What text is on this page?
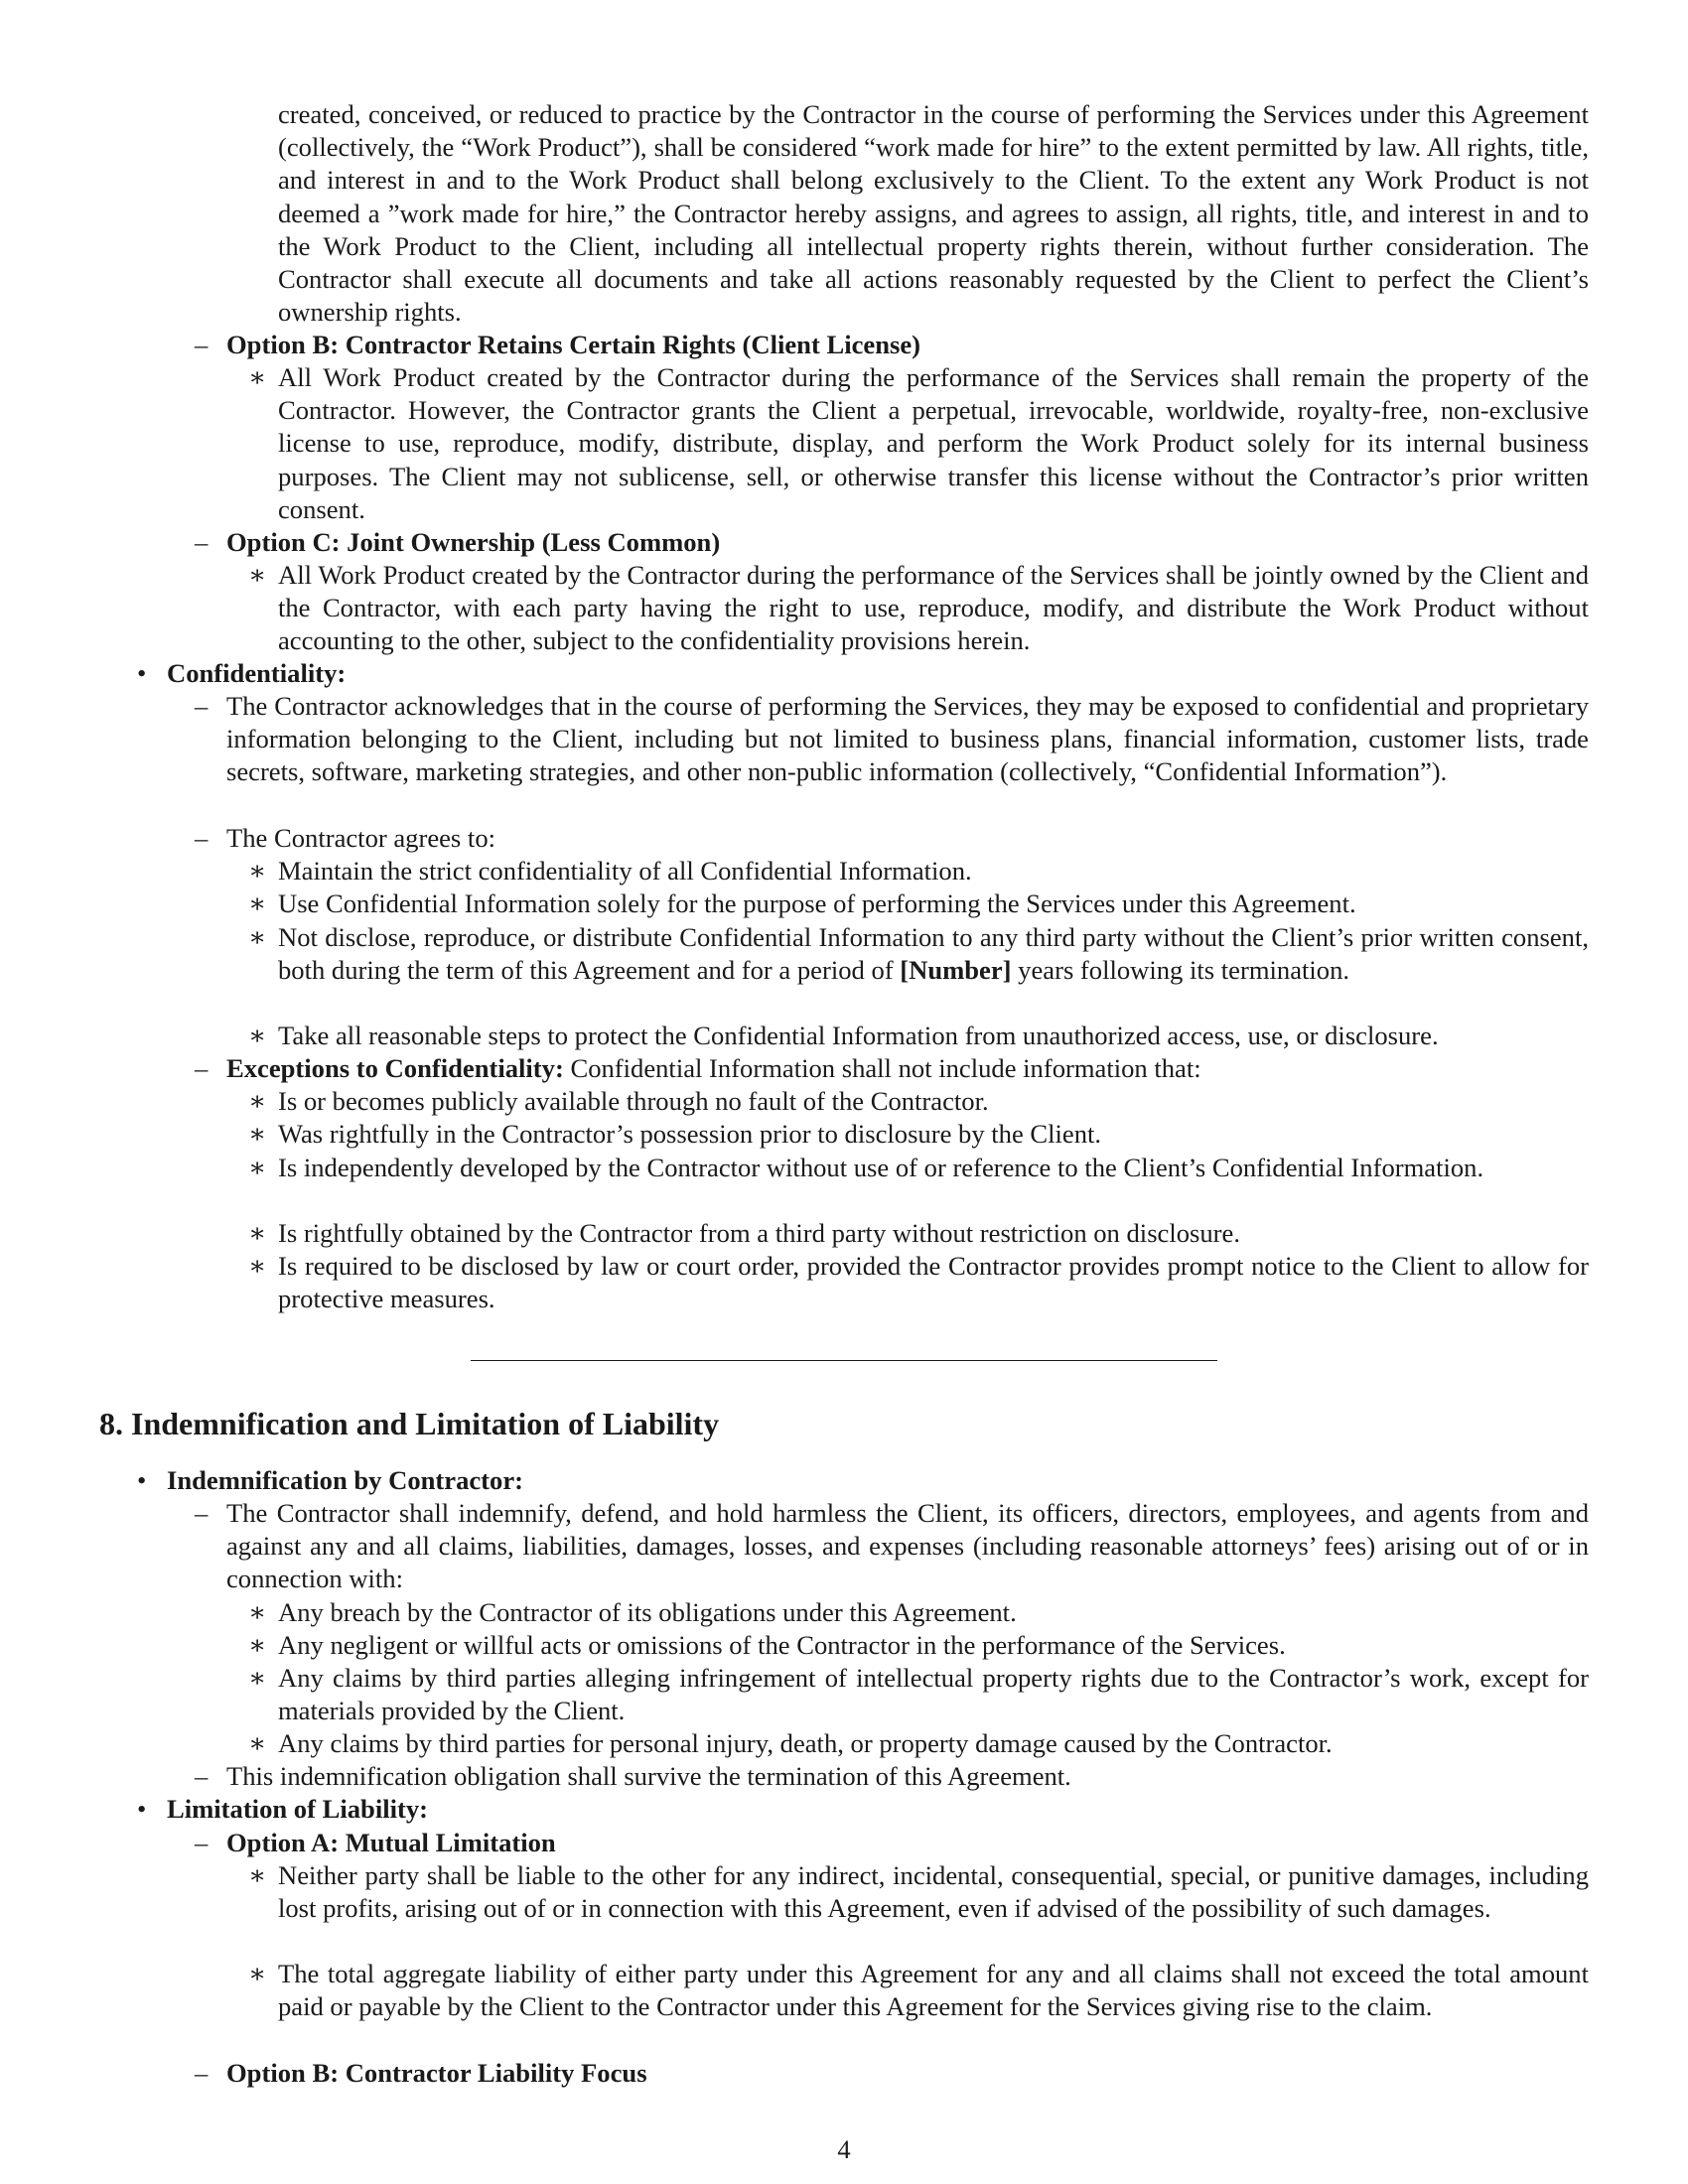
created, conceived, or reduced to practice by the Contractor in the course of performing the Services under this Agreement (collectively, the “Work Product”), shall be considered “work made for hire” to the extent permitted by law. All rights, title, and interest in and to the Work Product shall belong exclusively to the Client. To the extent any Work Product is not deemed a ”work made for hire,” the Contractor hereby assigns, and agrees to assign, all rights, title, and interest in and to the Work Product to the Client, including all intellectual property rights therein, without further consideration. The Contractor shall execute all documents and take all actions reasonably requested by the Client to perfect the Client’s ownership rights.
– Option B: Contractor Retains Certain Rights (Client License)
∗ All Work Product created by the Contractor during the performance of the Services shall remain the property of the Contractor. However, the Contractor grants the Client a perpetual, irrevocable, worldwide, royalty-free, non-exclusive license to use, reproduce, modify, distribute, display, and perform the Work Product solely for its internal business purposes. The Client may not sublicense, sell, or otherwise transfer this license without the Contractor’s prior written consent.
– Option C: Joint Ownership (Less Common)
∗ All Work Product created by the Contractor during the performance of the Services shall be jointly owned by the Client and the Contractor, with each party having the right to use, reproduce, modify, and distribute the Work Product without accounting to the other, subject to the confidentiality provisions herein.
• Confidentiality:
– The Contractor acknowledges that in the course of performing the Services, they may be exposed to confidential and proprietary information belonging to the Client, including but not limited to business plans, financial information, customer lists, trade secrets, software, marketing strategies, and other non-public information (collectively, “Confidential Information”).
– The Contractor agrees to:
∗ Maintain the strict confidentiality of all Confidential Information.
∗ Use Confidential Information solely for the purpose of performing the Services under this Agreement.
∗ Not disclose, reproduce, or distribute Confidential Information to any third party without the Client’s prior written consent, both during the term of this Agreement and for a period of [Number] years following its termination.
∗ Take all reasonable steps to protect the Confidential Information from unauthorized access, use, or disclosure.
– Exceptions to Confidentiality: Confidential Information shall not include information that:
∗ Is or becomes publicly available through no fault of the Contractor.
∗ Was rightfully in the Contractor’s possession prior to disclosure by the Client.
∗ Is independently developed by the Contractor without use of or reference to the Client’s Confidential Information.
∗ Is rightfully obtained by the Contractor from a third party without restriction on disclosure.
∗ Is required to be disclosed by law or court order, provided the Contractor provides prompt notice to the Client to allow for protective measures.
8. Indemnification and Limitation of Liability
• Indemnification by Contractor:
– The Contractor shall indemnify, defend, and hold harmless the Client, its officers, directors, employees, and agents from and against any and all claims, liabilities, damages, losses, and expenses (including reasonable attorneys’ fees) arising out of or in connection with:
∗ Any breach by the Contractor of its obligations under this Agreement.
∗ Any negligent or willful acts or omissions of the Contractor in the performance of the Services.
∗ Any claims by third parties alleging infringement of intellectual property rights due to the Contractor’s work, except for materials provided by the Client.
∗ Any claims by third parties for personal injury, death, or property damage caused by the Contractor.
– This indemnification obligation shall survive the termination of this Agreement.
• Limitation of Liability:
– Option A: Mutual Limitation
∗ Neither party shall be liable to the other for any indirect, incidental, consequential, special, or punitive damages, including lost profits, arising out of or in connection with this Agreement, even if advised of the possibility of such damages.
∗ The total aggregate liability of either party under this Agreement for any and all claims shall not exceed the total amount paid or payable by the Client to the Contractor under this Agreement for the Services giving rise to the claim.
– Option B: Contractor Liability Focus
4
